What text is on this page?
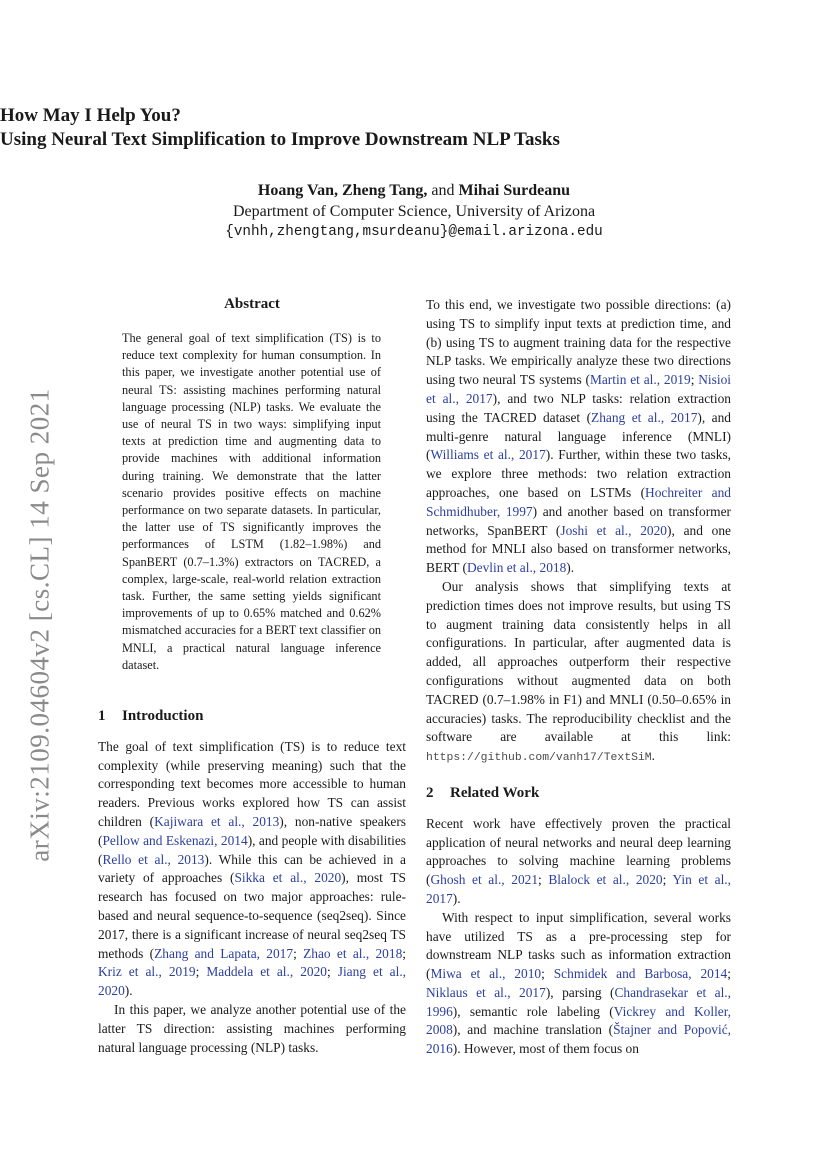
arXiv:2109.04604v2 [cs.CL] 14 Sep 2021

How May I Help You?

Using Neural Text Simplification to Improve Downstream NLP Tasks

Hoang Van, Zheng Tang, and Mihai Surdeanu
Department of Computer Science, University of Arizona
{vnhh,zhengtang,msurdeanu}@email.arizona.edu
Abstract
The general goal of text simplification (TS) is to reduce text complexity for human consumption. In this paper, we investigate another potential use of neural TS: assisting machines performing natural language processing (NLP) tasks. We evaluate the use of neural TS in two ways: simplifying input texts at prediction time and augmenting data to provide machines with additional information during training. We demonstrate that the latter scenario provides positive effects on machine performance on two separate datasets. In particular, the latter use of TS significantly improves the performances of LSTM (1.82–1.98%) and SpanBERT (0.7–1.3%) extractors on TACRED, a complex, large-scale, real-world relation extraction task. Further, the same setting yields significant improvements of up to 0.65% matched and 0.62% mismatched accuracies for a BERT text classifier on MNLI, a practical natural language inference dataset.
1 Introduction

The goal of text simplification (TS) is to reduce text complexity (while preserving meaning) such that the corresponding text becomes more accessible to human readers. Previous works explored how TS can assist children (Kajiwara et al., 2013), non-native speakers (Pellow and Eskenazi, 2014), and people with disabilities (Rello et al., 2013). While this can be achieved in a variety of approaches (Sikka et al., 2020), most TS research has focused on two major approaches: rule-based and neural sequence-to-sequence (seq2seq). Since 2017, there is a significant increase of neural seq2seq TS methods (Zhang and Lapata, 2017; Zhao et al., 2018; Kriz et al., 2019; Maddela et al., 2020; Jiang et al., 2020).

In this paper, we analyze another potential use of the latter TS direction: assisting machines performing natural language processing (NLP) tasks.

To this end, we investigate two possible directions: (a) using TS to simplify input texts at prediction time, and (b) using TS to augment training data for the respective NLP tasks. We empirically analyze these two directions using two neural TS systems (Martin et al., 2019; Nisioi et al., 2017), and two NLP tasks: relation extraction using the TACRED dataset (Zhang et al., 2017), and multi-genre natural language inference (MNLI) (Williams et al., 2017). Further, within these two tasks, we explore three methods: two relation extraction approaches, one based on LSTMs (Hochreiter and Schmidhuber, 1997) and another based on transformer networks, SpanBERT (Joshi et al., 2020), and one method for MNLI also based on transformer networks, BERT (Devlin et al., 2018).

Our analysis shows that simplifying texts at prediction times does not improve results, but using TS to augment training data consistently helps in all configurations. In particular, after augmented data is added, all approaches outperform their respective configurations without augmented data on both TACRED (0.7–1.98% in F1) and MNLI (0.50–0.65% in accuracies) tasks. The reproducibility checklist and the software are available at this link: https://github.com/vanh17/TextSiM.

2 Related Work

Recent work have effectively proven the practical application of neural networks and neural deep learning approaches to solving machine learning problems (Ghosh et al., 2021; Blalock et al., 2020; Yin et al., 2017).

With respect to input simplification, several works have utilized TS as a pre-processing step for downstream NLP tasks such as information extraction (Miwa et al., 2010; Schmidek and Barbosa, 2014; Niklaus et al., 2017), parsing (Chandrasekar et al., 1996), semantic role labeling (Vickrey and Koller, 2008), and machine translation (Štajner and Popović, 2016). However, most of them focus on
